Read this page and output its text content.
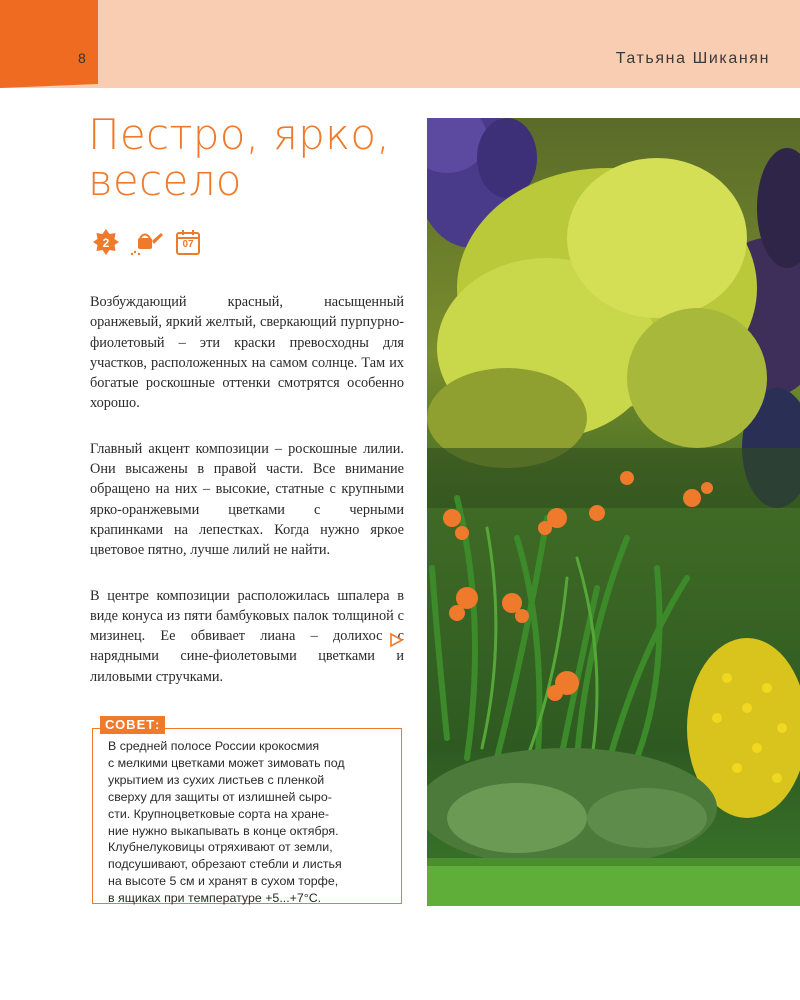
8	Татьяна Шиканян
Пестро, ярко,
весело
2	07

Возбуждающий красный, насыщенный оранжевый, яркий желтый, сверкающий пурпурно-фиолетовый – эти краски превосходны для участков, расположенных на самом солнце. Там их богатые роскошные оттенки смотрятся особенно хорошо.

Главный акцент композиции – роскошные лилии. Они высажены в правой части. Все внимание обращено на них – высокие, статные с крупными ярко-оранжевыми цветками с черными крапинками на лепестках. Когда нужно яркое цветовое пятно, лучше лилий не найти.

В центре композиции расположилась шпалера в виде конуса из пяти бамбуковых палок толщиной с мизинец. Ее обвивает лиана – долихос с нарядными сине-фиолетовыми цветками и лиловыми стручками.

СОВЕТ:
В средней полосе России крокосмия
с мелкими цветками может зимовать под
укрытием из сухих листьев с пленкой
сверху для защиты от излишней сыро-
сти. Крупноцветковые сорта на хране-
ние нужно выкапывать в конце октября.
Клубнелуковицы отряхивают от земли,
подсушивают, обрезают стебли и листья
на высоте 5 см и хранят в сухом торфе,
в ящиках при температуре +5...+7°C.
